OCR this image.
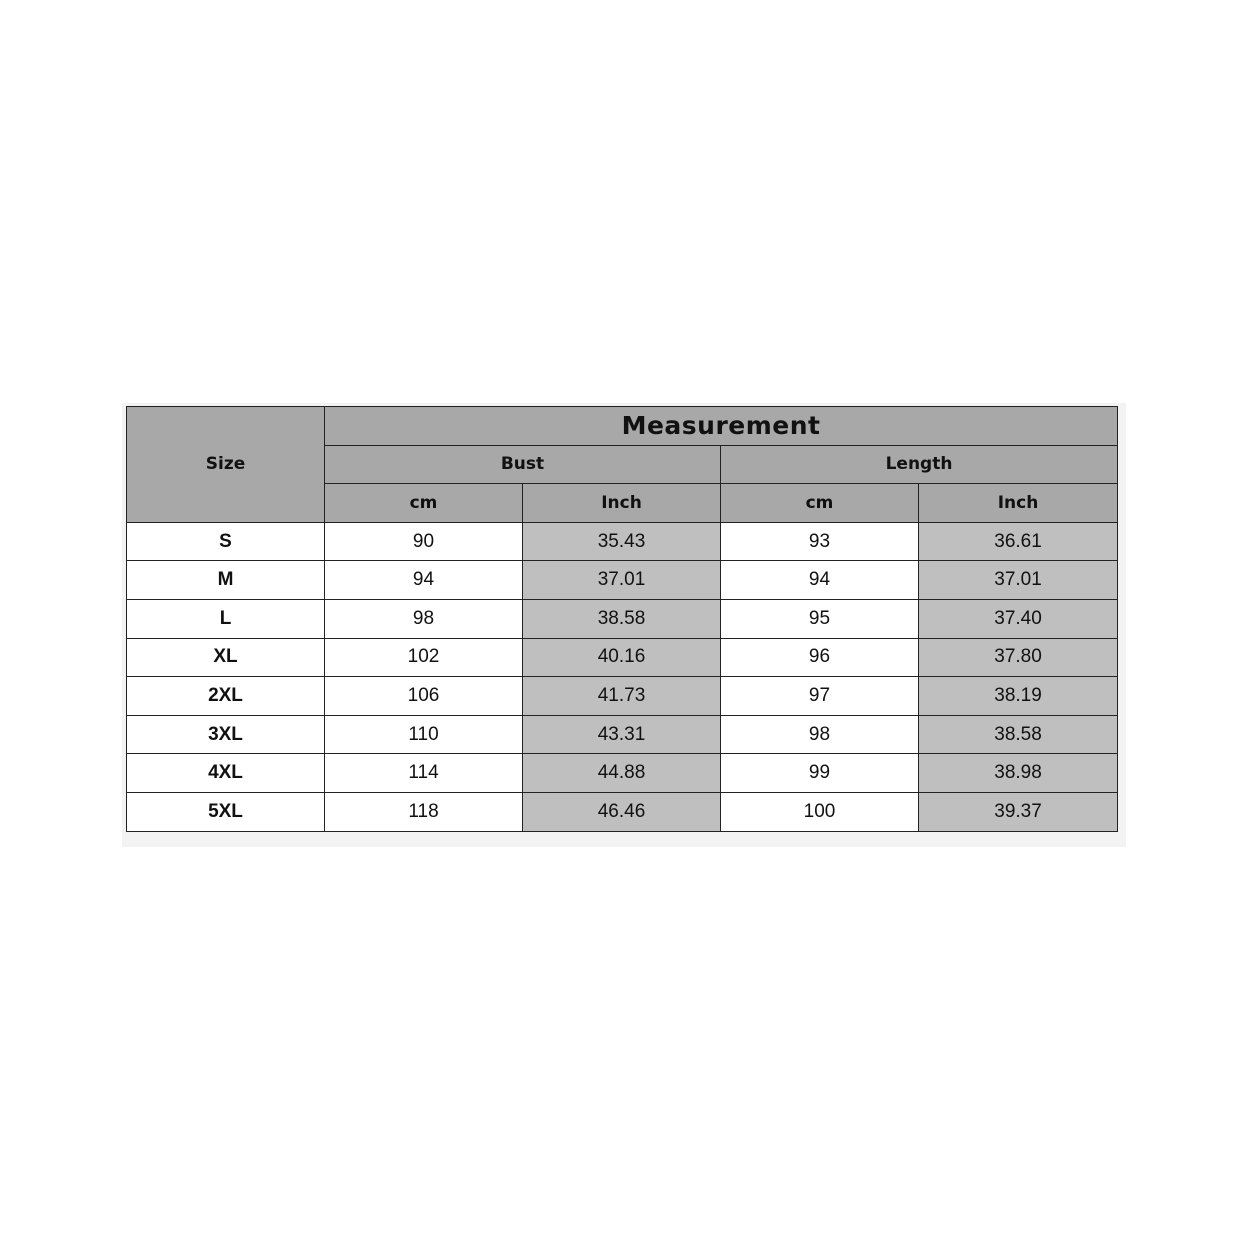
Size	Measurement			
	Bust		Length	
	cm	Inch	cm	Inch
S	90	35.43	93	36.61
M	94	37.01	94	37.01
L	98	38.58	95	37.40
XL	102	40.16	96	37.80
2XL	106	41.73	97	38.19
3XL	110	43.31	98	38.58
4XL	114	44.88	99	38.98
5XL	118	46.46	100	39.37
